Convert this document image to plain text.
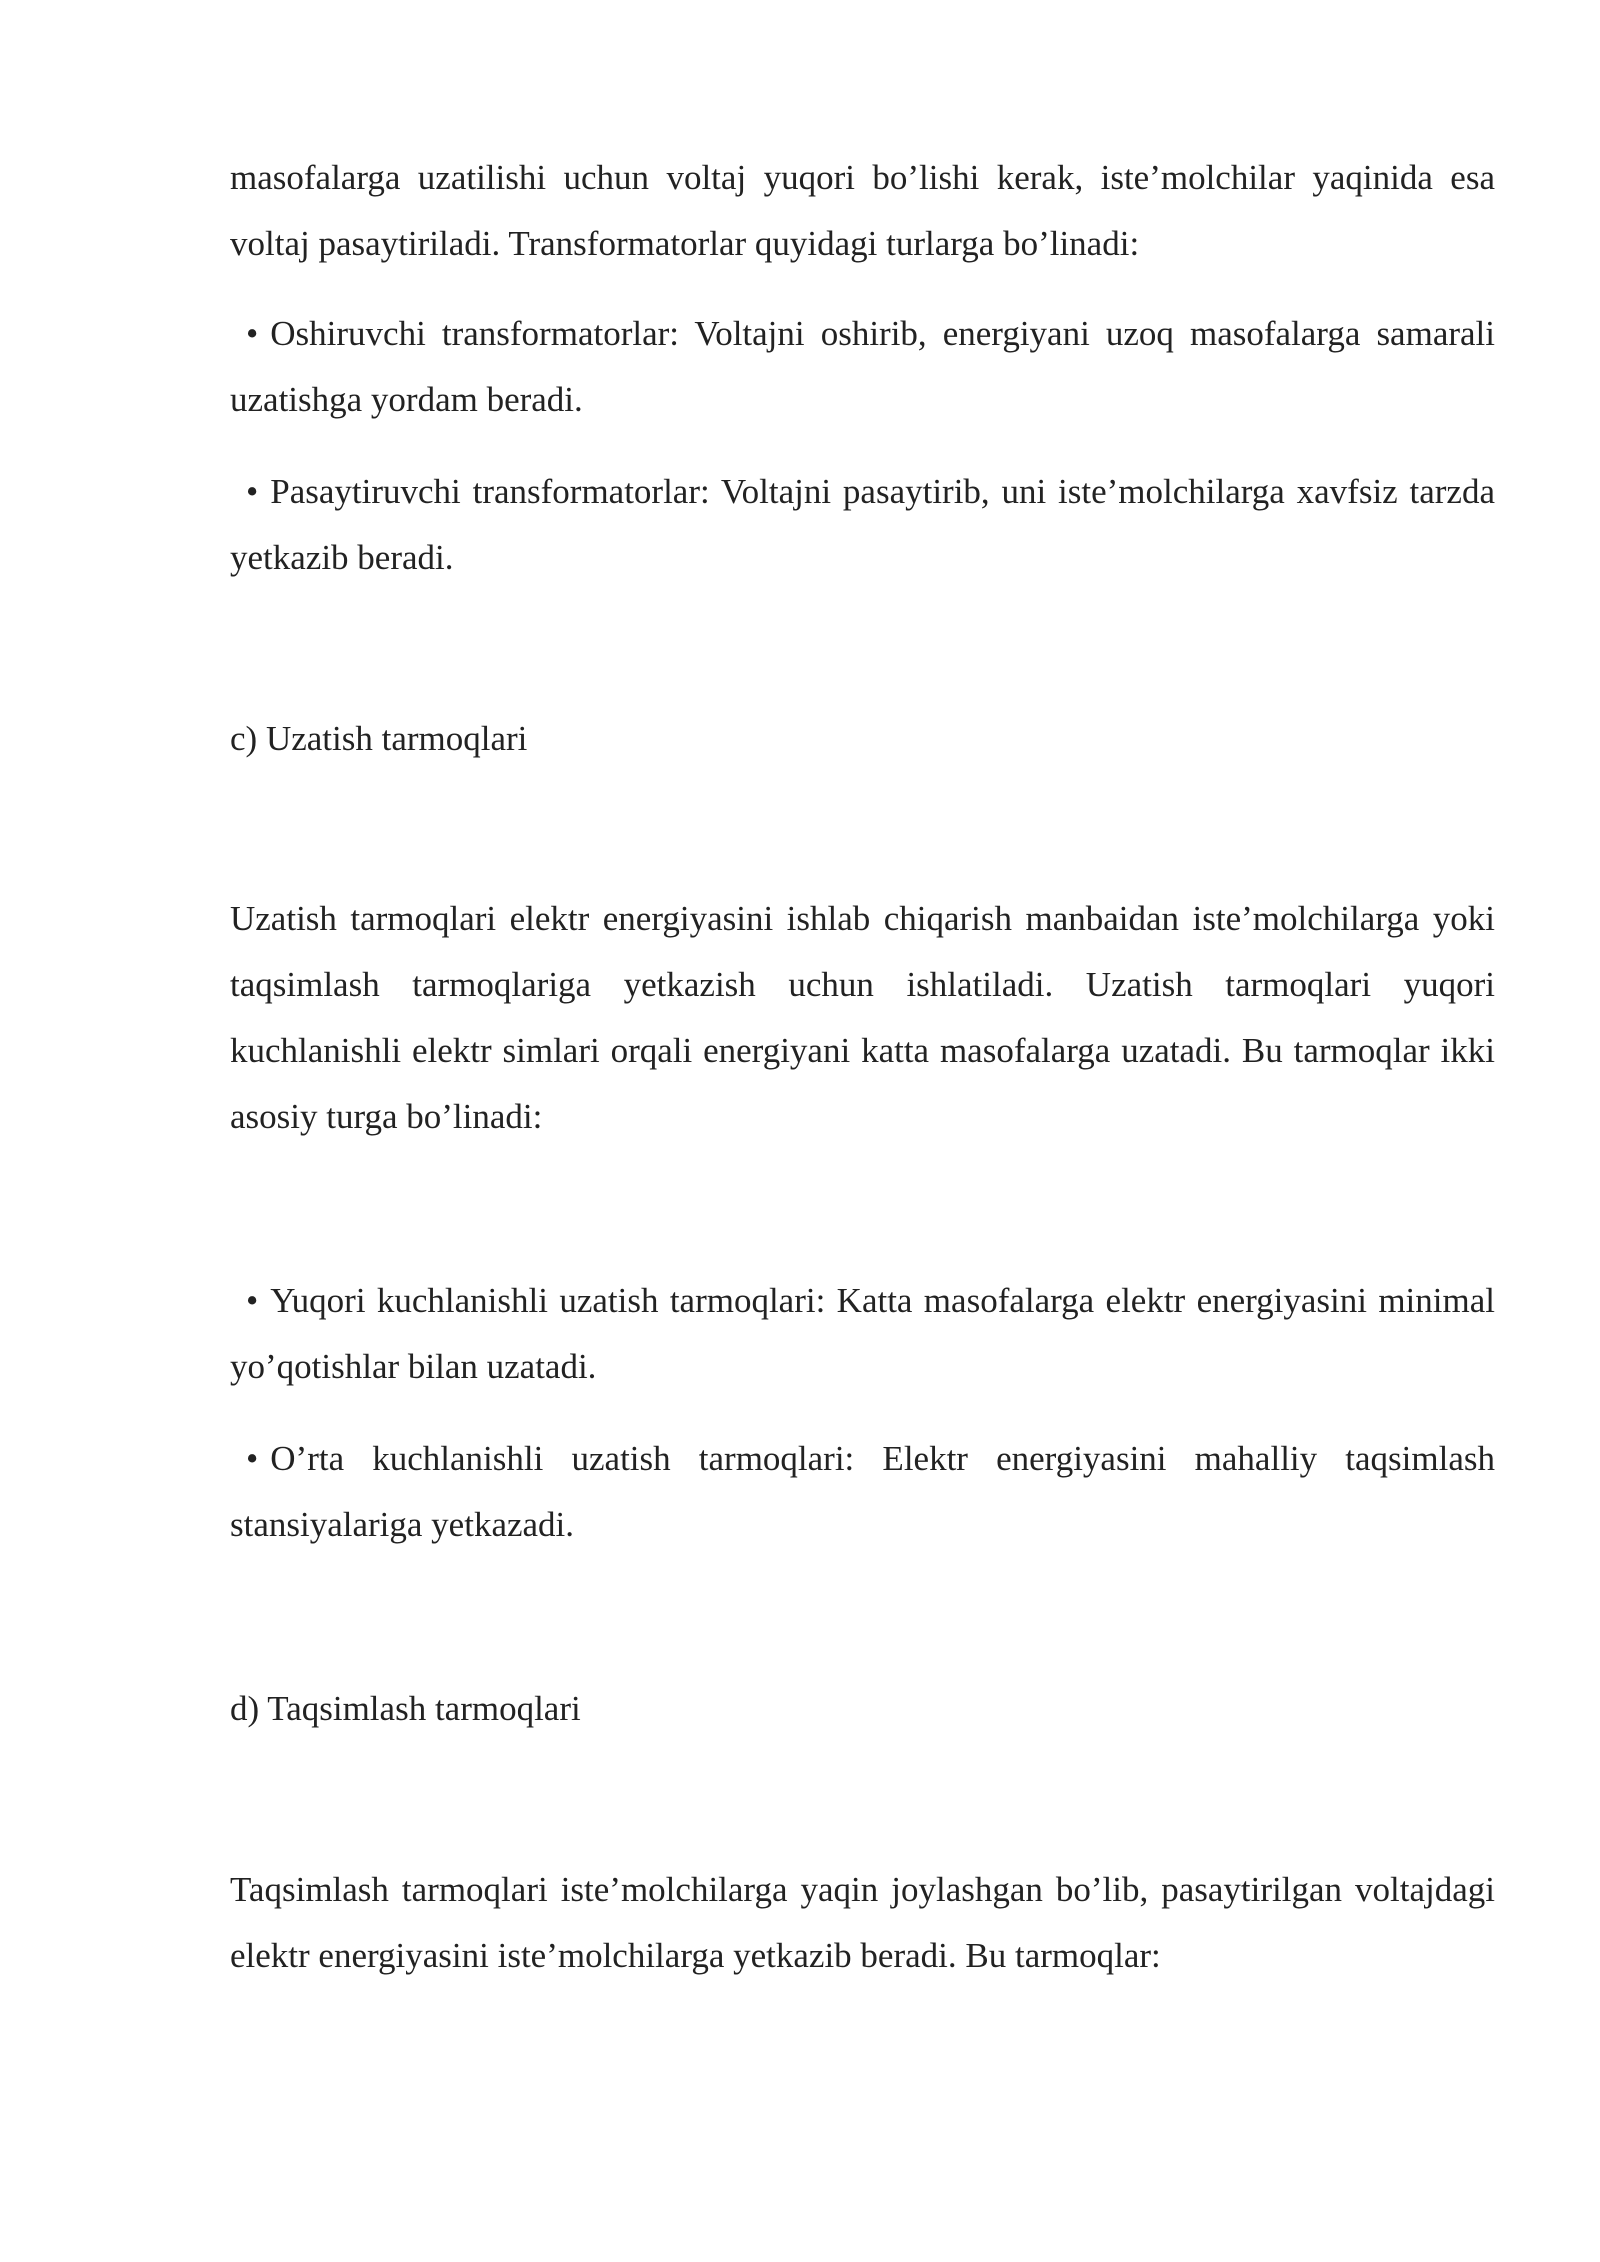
masofalarga uzatilishi uchun voltaj yuqori bo’lishi kerak, iste’molchilar yaqinida esa voltaj pasaytiriladi. Transformatorlar quyidagi turlarga bo’linadi:

• Oshiruvchi transformatorlar: Voltajni oshirib, energiyani uzoq masofalarga samarali uzatishga yordam beradi.

• Pasaytiruvchi transformatorlar: Voltajni pasaytirib, uni iste’molchilarga xavfsiz tarzda yetkazib beradi.

c) Uzatish tarmoqlari

Uzatish tarmoqlari elektr energiyasini ishlab chiqarish manbaidan iste’molchilarga yoki taqsimlash tarmoqlariga yetkazish uchun ishlatiladi. Uzatish tarmoqlari yuqori kuchlanishli elektr simlari orqali energiyani katta masofalarga uzatadi. Bu tarmoqlar ikki asosiy turga bo’linadi:

• Yuqori kuchlanishli uzatish tarmoqlari: Katta masofalarga elektr energiyasini minimal yo’qotishlar bilan uzatadi.

• O’rta kuchlanishli uzatish tarmoqlari: Elektr energiyasini mahalliy taqsimlash stansiyalariga yetkazadi.

d) Taqsimlash tarmoqlari

Taqsimlash tarmoqlari iste’molchilarga yaqin joylashgan bo’lib, pasaytirilgan voltajdagi elektr energiyasini iste’molchilarga yetkazib beradi. Bu tarmoqlar:
